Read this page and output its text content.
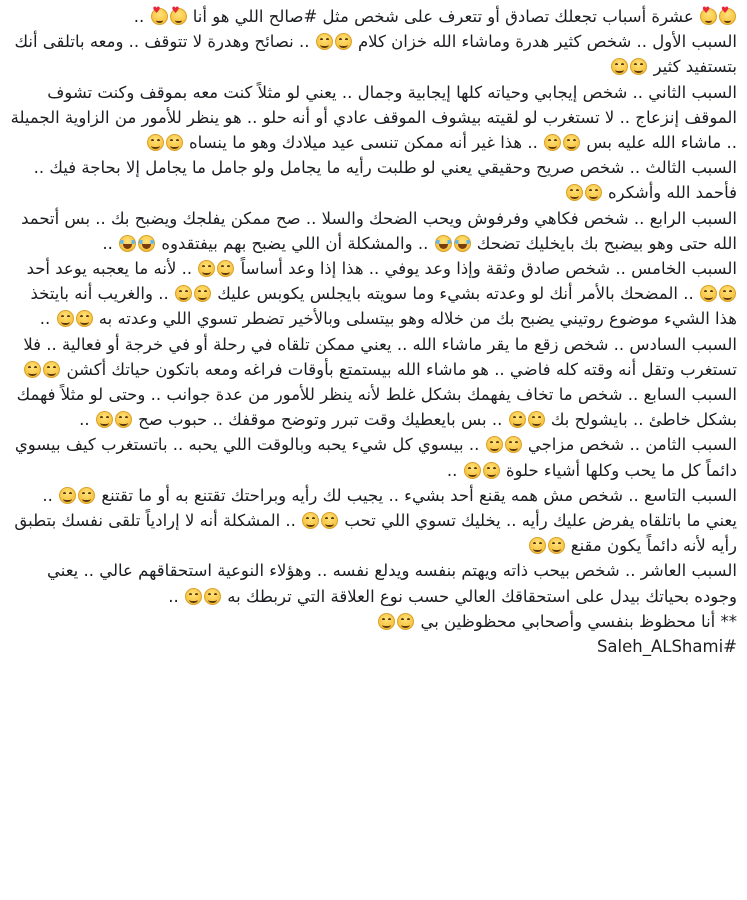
♥♥ عشرة أسباب تجعلك تصادق أو تتعرف على شخص مثل #صالح اللي هو أنا ♥♥ ..

السبب الأول .. شخص كثير هدرة وماشاء الله خزان كلام
.. نصائح وهدرة لا تتوقف .. ومعه باتلقى أنك بتستفيد كثير

السبب الثاني .. شخص إيجابي وحياته كلها إيجابية وجمال .. يعني لو مثلاً كنت معه بموقف وكنت تشوف الموقف إنزعاج .. لا تستغرب لو لقيته بيشوف الموقف عادي أو أنه حلو .. هو ينظر للأمور من الزاوية الجميلة .. ماشاء الله عليه بس
.. هذا غير أنه ممكن تنسى عيد ميلادك وهو ما ينساه

السبب الثالث .. شخص صريح وحقيقي يعني لو طلبت رأيه ما يجامل ولو جامل ما يجامل إلا بحاجة فيك .. فأحمد الله وأشكره

السبب الرابع .. شخص فكاهي وفرفوش ويحب الضحك والسلا .. صح ممكن يفلجك ويضبح بك .. بس أتحمد الله حتى وهو بيضبح بك بايخليك تضحك  .. والمشكلة أن اللي يضبح بهم بيفتقدوه  ..

السبب الخامس .. شخص صادق وثقة وإذا وعد يوفي .. هذا إذا وعد أساساً
.. لأنه ما يعجبه يوعد أحد
.. المضحك بالأمر أنك لو وعدته بشيء وما سويته بايجلس يكوبس عليك
.. والغريب أنه بايتخذ هذا الشيء موضوع روتيني يضبح بك من خلاله وهو بيتسلى وبالأخير تضطر تسوي اللي وعدته به
..

السبب السادس .. شخص زقع ما يقر ماشاء الله .. يعني ممكن تلقاه في رحلة أو في خرجة أو فعالية .. فلا تستغرب وتقل أنه وقته كله فاضي .. هو ماشاء الله بيستمتع بأوقات فراغه ومعه باتكون حياتك أكشن

السبب السابع .. شخص ما تخاف يفهمك بشكل غلط لأنه ينظر للأمور من عدة جوانب .. وحتى لو مثلاً فهمك بشكل خاطئ .. بايشولح بك
.. بس بايعطيك وقت تبرر وتوضح موقفك .. حبوب صح
..

السبب الثامن .. شخص مزاجي
.. بيسوي كل شيء يحبه وبالوقت اللي يحبه .. باتستغرب كيف بيسوي دائماً كل ما يحب وكلها أشياء حلوة
..

السبب التاسع .. شخص مش همه يقنع أحد بشيء .. يجيب لك رأيه وبراحتك تقتنع به أو ما تقتنع
.. يعني ما باتلقاه يفرض عليك رأيه .. يخليك تسوي اللي تحب
.. المشكلة أنه لا إرادياً تلقى نفسك بتطبق رأيه لأنه دائماً يكون مقنع

السبب العاشر .. شخص بيحب ذاته ويهتم بنفسه ويدلع نفسه .. وهؤلاء النوعية استحقاقهم عالي .. يعني وجوده بحياتك بيدل على استحقاقك العالي حسب نوع العلاقة التي تربطك به
..

** أنا محظوظ بنفسي وأصحابي محظوظين بي

Saleh_ALShami#
